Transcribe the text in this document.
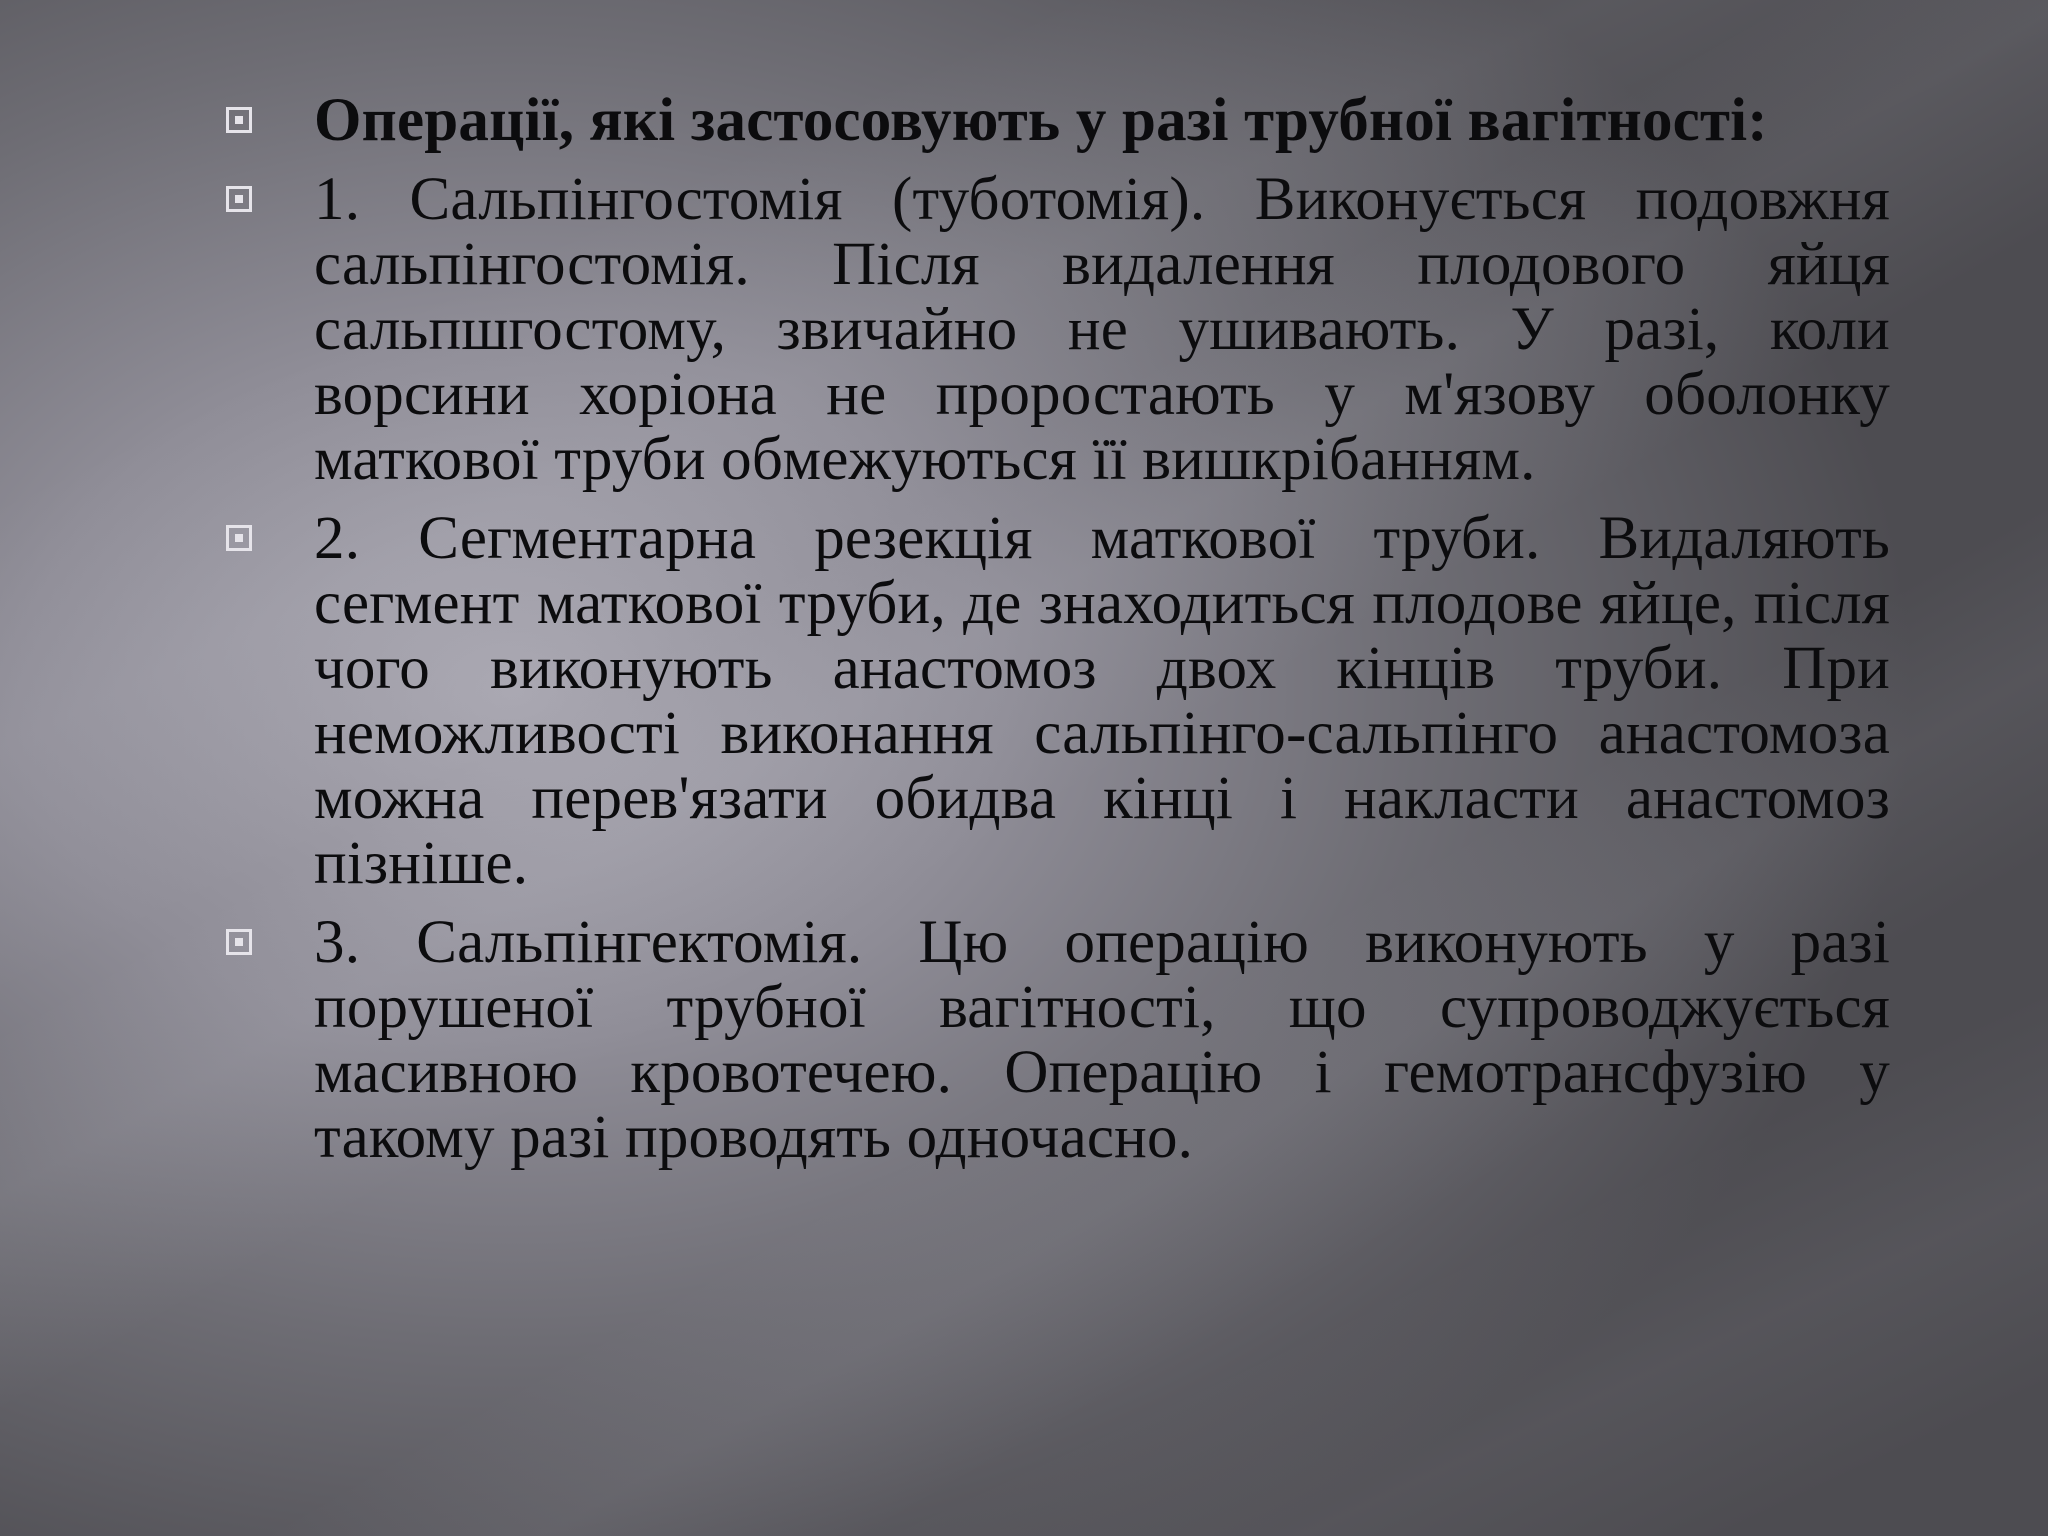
Операції, які застосовують у разі трубної вагітності:
1. Сальпінгостомія (туботомія). Виконується подовжня сальпінгостомія. Після видалення плодового яйця сальпшгостому, звичайно не ушивають. У разі, коли ворсини хоріона не проростають у м'язову оболонку маткової труби обмежуються її вишкрібанням.
2. Сегментарна резекція маткової труби. Видаляють сегмент маткової труби, де знаходиться плодове яйце, після чого виконують анастомоз двох кінців труби. При неможливості виконання сальпінго-сальпінго анастомоза можна перев'язати обидва кінці і накласти анастомоз пізніше.
3. Сальпінгектомія. Цю операцію виконують у разі порушеної трубної вагітності, що супроводжується масивною кровотечею. Операцію і гемотрансфузію у такому разі проводять одночасно.
